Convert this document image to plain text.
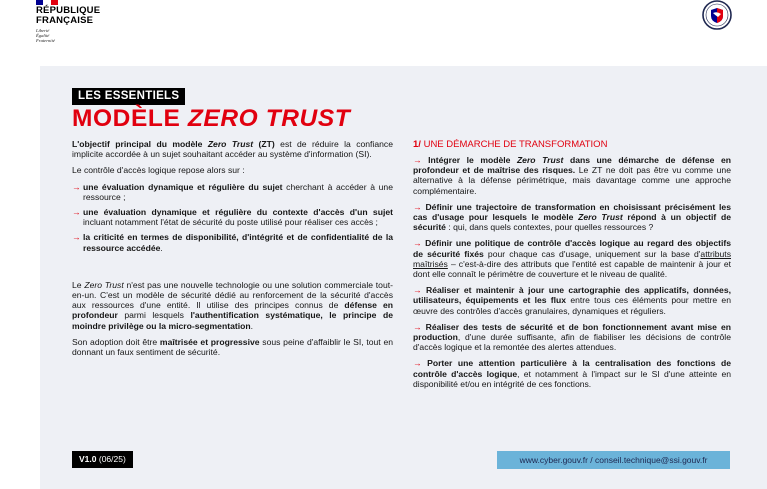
RÉPUBLIQUE
FRANÇAISE
Liberté
Égalité
Fraternité
LES ESSENTIELS
MODÈLE ZERO TRUST

L'objectif principal du modèle Zero Trust (ZT) est de réduire la confiance implicite accordée à un sujet souhaitant accéder au système d'information (SI).

Le contrôle d'accès logique repose alors sur :

→ une évaluation dynamique et régulière du sujet cherchant à accéder à une ressource ;
→ une évaluation dynamique et régulière du contexte d'accès d'un sujet incluant notamment l'état de sécurité du poste utilisé pour réaliser ces accès ;
→ la criticité en termes de disponibilité, d'intégrité et de confidentialité de la ressource accédée.

Le Zero Trust n'est pas une nouvelle technologie ou une solution commerciale tout-en-un. C'est un modèle de sécurité dédié au renforcement de la sécurité d'accès aux ressources d'une entité. Il utilise des principes connus de défense en profondeur parmi lesquels l'authentification systématique, le principe de moindre privilège ou la micro-segmentation.

Son adoption doit être maîtrisée et progressive sous peine d'affaiblir le SI, tout en donnant un faux sentiment de sécurité.

1/ UNE DÉMARCHE DE TRANSFORMATION

→ Intégrer le modèle Zero Trust dans une démarche de défense en profondeur et de maîtrise des risques. Le ZT ne doit pas être vu comme une alternative à la défense périmétrique, mais davantage comme une approche complémentaire.

→ Définir une trajectoire de transformation en choisissant précisément les cas d'usage pour lesquels le modèle Zero Trust répond à un objectif de sécurité : qui, dans quels contextes, pour quelles ressources ?

→ Définir une politique de contrôle d'accès logique au regard des objectifs de sécurité fixés pour chaque cas d'usage, uniquement sur la base d'attributs maîtrisés – c'est-à-dire des attributs que l'entité est capable de maintenir à jour et dont elle connaît le périmètre de couverture et le niveau de qualité.

→ Réaliser et maintenir à jour une cartographie des applicatifs, données, utilisateurs, équipements et les flux entre tous ces éléments pour mettre en œuvre des contrôles d'accès granulaires, dynamiques et réguliers.

→ Réaliser des tests de sécurité et de bon fonctionnement avant mise en production, d'une durée suffisante, afin de fiabiliser les décisions de contrôle d'accès logique et la remontée des alertes attendues.

→ Porter une attention particulière à la centralisation des fonctions de contrôle d'accès logique, et notamment à l'impact sur le SI d'une atteinte en disponibilité et/ou en intégrité de ces fonctions.

V1.0 (06/25)	www.cyber.gouv.fr / conseil.technique@ssi.gouv.fr
